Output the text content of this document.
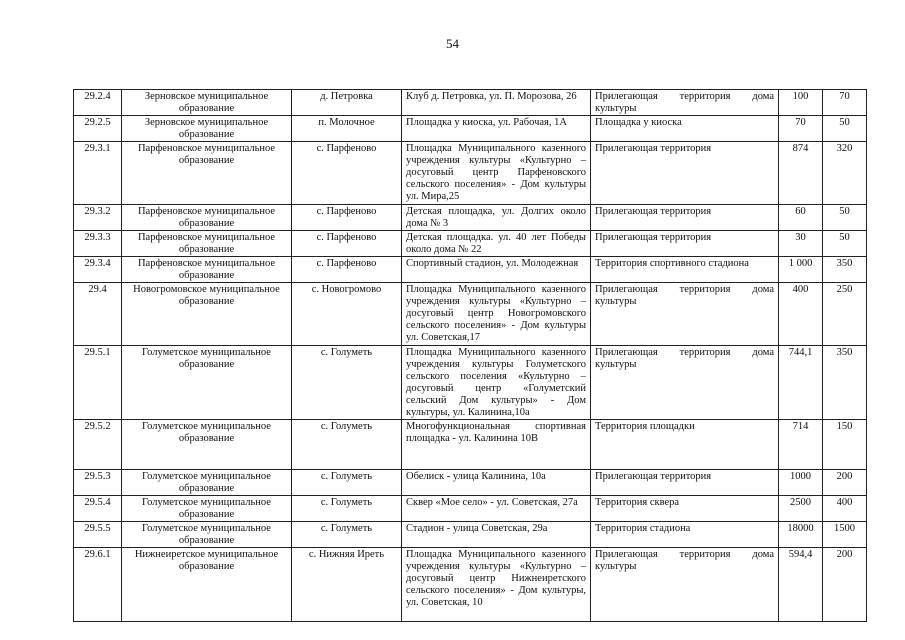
54
29.2.4	Зерновское муниципальное образование	д. Петровка	Клуб д. Петровка, ул. П. Морозова, 26	Прилегающая территория дома культуры	100	70
29.2.5	Зерновское муниципальное образование	п. Молочное	Площадка у киоска, ул. Рабочая, 1А	Площадка у киоска	70	50
29.3.1	Парфеновское муниципальное образование	с. Парфеново	Площадка Муниципального казенного учреждения культуры «Культурно – досуговый центр Парфеновского сельского поселения» - Дом культуры ул. Мира,25	Прилегающая территория	874	320
29.3.2	Парфеновское муниципальное образование	с. Парфеново	Детская площадка, ул. Долгих около дома № 3	Прилегающая территория	60	50
29.3.3	Парфеновское муниципальное образование	с. Парфеново	Детская площадка. ул. 40 лет Победы около дома № 22	Прилегающая территория	30	50
29.3.4	Парфеновское муниципальное образование	с. Парфеново	Спортивный стадион, ул. Молодежная	Территория спортивного стадиона	1 000	350
29.4	Новогромовское муниципальное образование	с. Новогромово	Площадка Муниципального казенного учреждения культуры «Культурно – досуговый центр Новогромовского сельского поселения» - Дом культуры ул. Советская,17	Прилегающая территория дома культуры	400	250
29.5.1	Голуметское муниципальное образование	с. Голуметь	Площадка Муниципального казенного учреждения культуры Голуметского сельского поселения «Культурно – досуговый центр «Голуметский сельский Дом культуры» - Дом культуры, ул. Калинина,10а	Прилегающая территория дома культуры	744,1	350
29.5.2	Голуметское муниципальное образование	с. Голуметь	Многофункциональная спортивная площадка - ул. Калинина 10В	Территория площадки	714	150
29.5.3	Голуметское муниципальное образование	с. Голуметь	Обелиск - улица Калинина, 10а	Прилегающая территория	1000	200
29.5.4	Голуметское муниципальное образование	с. Голуметь	Сквер «Мое село» - ул. Советская, 27а	Территория сквера	2500	400
29.5.5	Голуметское муниципальное образование	с. Голуметь	Стадион - улица Советская, 29а	Территория стадиона	18000	1500
29.6.1	Нижнеиретское муниципальное образование	с. Нижняя Иреть	Площадка Муниципального казенного учреждения культуры «Культурно – досуговый центр Нижнеиретского сельского поселения» - Дом культуры, ул. Советская, 10	Прилегающая территория дома культуры	594,4	200
